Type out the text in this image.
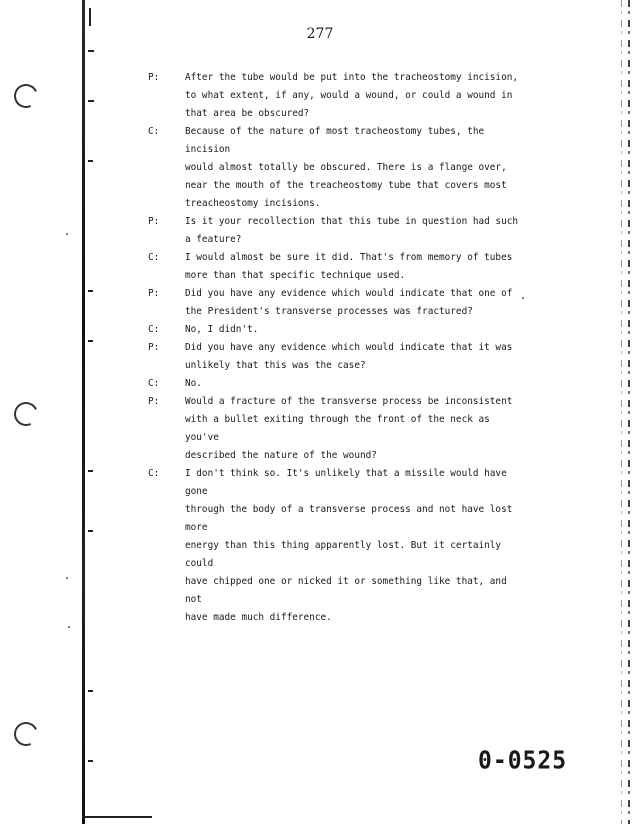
277
P:	After the tube would be put into the tracheostomy incision,
to what extent, if any, would a wound, or could a wound in
that area be obscured?
C:	Because of the nature of most tracheostomy tubes, the incision
would almost totally be obscured. There is a flange over,
near the mouth of the treacheostomy tube that covers most
treacheostomy incisions.
P:	Is it your recollection that this tube in question had such
a feature?
C:	I would almost be sure it did. That's from memory of tubes
more than that specific technique used.
P:	Did you have any evidence which would indicate that one of
the President's transverse processes was fractured?
C:	No, I didn't.
P:	Did you have any evidence which would indicate that it was
unlikely that this was the case?
C:	No.
P:	Would a fracture of the transverse process be inconsistent
with a bullet exiting through the front of the neck as you've
described the nature of the wound?
C:	I don't think so. It's unlikely that a missile would have gone
through the body of a transverse process and not have lost more
energy than this thing apparently lost. But it certainly could
have chipped one or nicked it or something like that, and not
have made much difference.
0-0525
